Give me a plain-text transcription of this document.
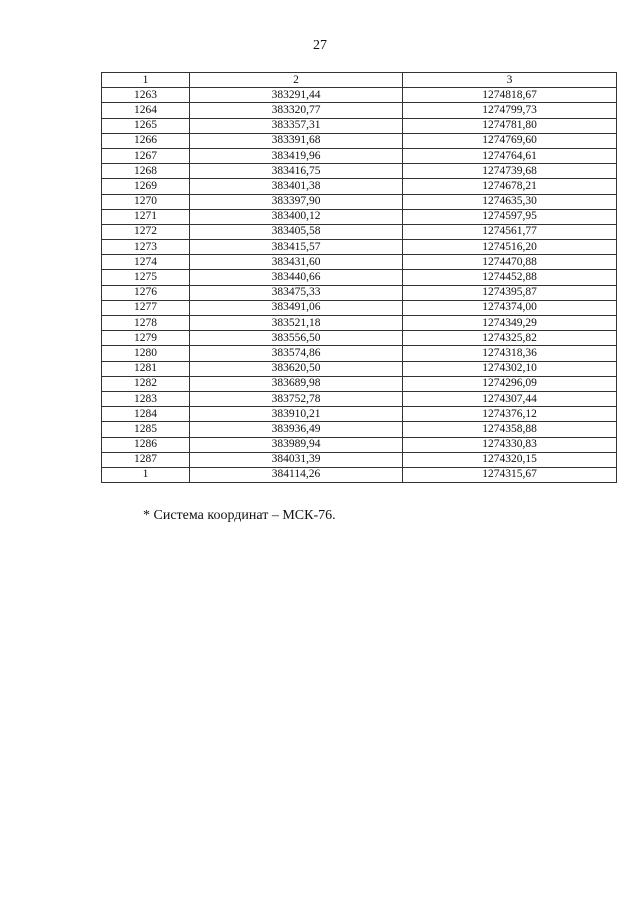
27
1	2	3
1263	383291,44	1274818,67
1264	383320,77	1274799,73
1265	383357,31	1274781,80
1266	383391,68	1274769,60
1267	383419,96	1274764,61
1268	383416,75	1274739,68
1269	383401,38	1274678,21
1270	383397,90	1274635,30
1271	383400,12	1274597,95
1272	383405,58	1274561,77
1273	383415,57	1274516,20
1274	383431,60	1274470,88
1275	383440,66	1274452,88
1276	383475,33	1274395,87
1277	383491,06	1274374,00
1278	383521,18	1274349,29
1279	383556,50	1274325,82
1280	383574,86	1274318,36
1281	383620,50	1274302,10
1282	383689,98	1274296,09
1283	383752,78	1274307,44
1284	383910,21	1274376,12
1285	383936,49	1274358,88
1286	383989,94	1274330,83
1287	384031,39	1274320,15
1	384114,26	1274315,67
* Система координат – МСК-76.
